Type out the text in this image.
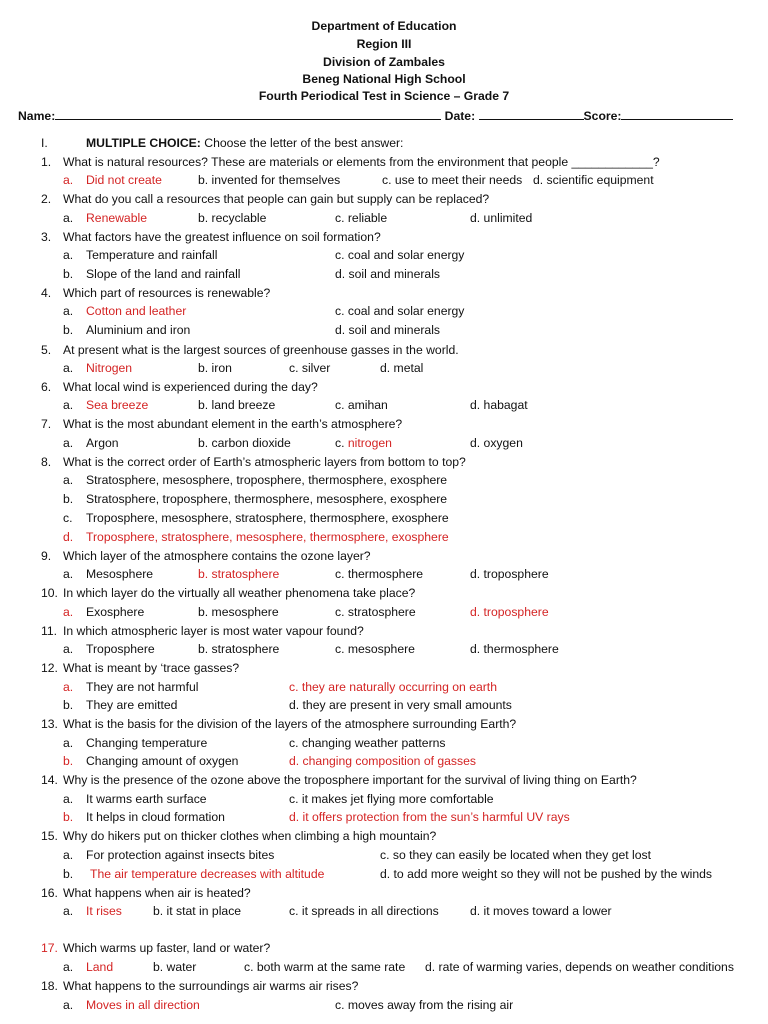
Department of Education
Region III
Division of Zambales
Beneg National High School
Fourth Periodical Test in Science – Grade 7
Name:	Date:	Score:
I.	MULTIPLE CHOICE: Choose the letter of the best answer:
1. What is natural resources? These are materials or elements from the environment that people ____________?
a. Did not create	b. invented for themselves	c. use to meet their needs d. scientific equipment
2. What do you call a resources that people can gain but supply can be replaced?
a. Renewable	b. recyclable	c. reliable	d. unlimited
3. What factors have the greatest influence on soil formation?
a. Temperature and rainfall	c. coal and solar energy
b. Slope of the land and rainfall	d. soil and minerals
4. Which part of resources is renewable?
a. Cotton and leather	c. coal and solar energy
b. Aluminium and iron	d. soil and minerals
5. At present what is the largest sources of greenhouse gasses in the world.
a. Nitrogen	b. iron	c. silver	d. metal
6. What local wind is experienced during the day?
a. Sea breeze	b. land breeze	c. amihan	d. habagat
7. What is the most abundant element in the earth’s atmosphere?
a. Argon	b. carbon dioxide	c. nitrogen	d. oxygen
8. What is the correct order of Earth’s atmospheric layers from bottom to top?
a. Stratosphere, mesosphere, troposphere, thermosphere, exosphere
b. Stratosphere, troposphere, thermosphere, mesosphere, exosphere
c. Troposphere, mesosphere, stratosphere, thermosphere, exosphere
d. Troposphere, stratosphere, mesosphere, thermosphere, exosphere
9. Which layer of the atmosphere contains the ozone layer?
a. Mesosphere	b. stratosphere	c. thermosphere	d. troposphere
10. In which layer do the virtually all weather phenomena take place?
a. Exosphere	b. mesosphere	c. stratosphere	d. troposphere
11. In which atmospheric layer is most water vapour found?
a. Troposphere	b. stratosphere	c. mesosphere	d. thermosphere
12. What is meant by ‘trace gasses?
a. They are not harmful	c. they are naturally occurring on earth
b. They are emitted	d. they are present in very small amounts
13. What is the basis for the division of the layers of the atmosphere surrounding Earth?
a. Changing temperature	c. changing weather patterns
b. Changing amount of oxygen	d. changing composition of gasses
14. Why is the presence of the ozone above the troposphere important for the survival of living thing on Earth?
a. It warms earth surface	c. it makes jet flying more comfortable
b. It helps in cloud formation	d. it offers protection from the sun’s harmful UV rays
15. Why do hikers put on thicker clothes when climbing a high mountain?
a. For protection against insects bites	c. so they can easily be located when they get lost
b. The air temperature decreases with altitude	d. to add more weight so they will not be pushed by the winds
16. What happens when air is heated?
a. It rises	b. it stat in place	c. it spreads in all directions	d. it moves toward a lower
17. Which warms up faster, land or water?
a. Land	b. water	c. both warm at the same rate d. rate of warming varies, depends on weather conditions
18. What happens to the surroundings air warms air rises?
a. Moves in all direction	c. moves away from the rising air
